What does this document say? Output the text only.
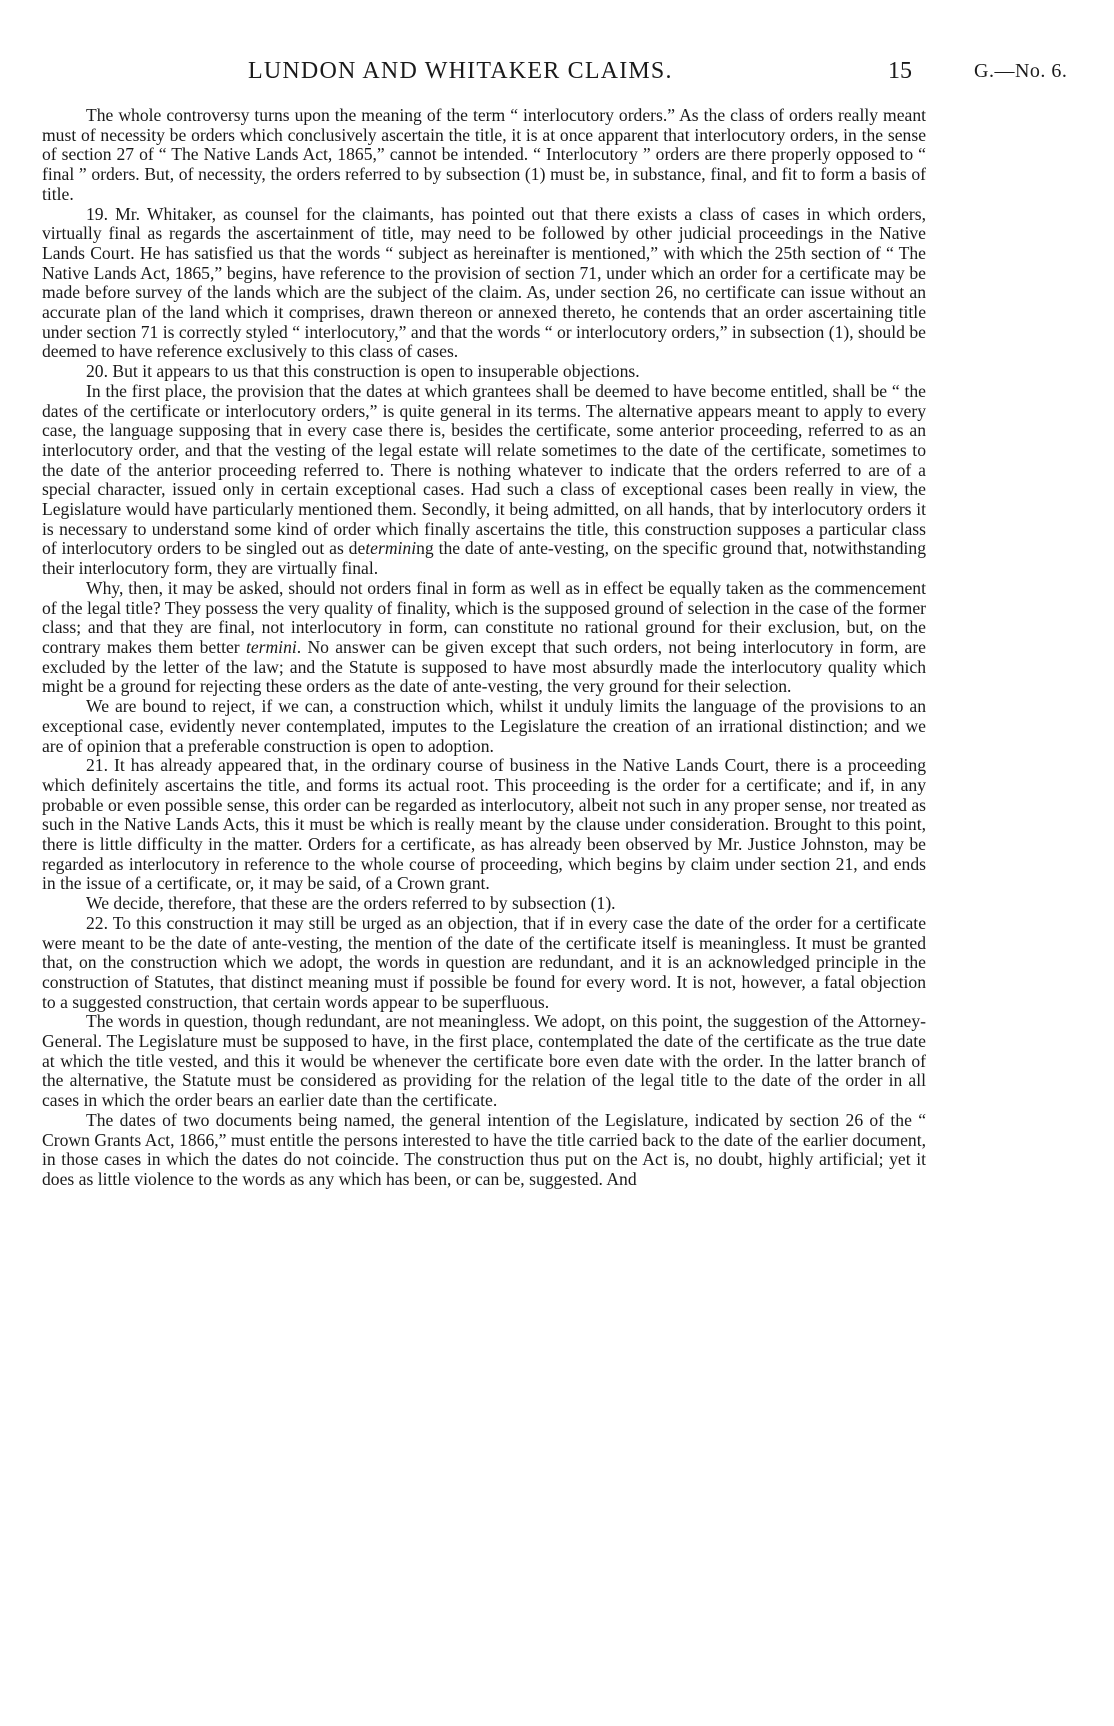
LUNDON AND WHITAKER CLAIMS.	15	G.—No. 6.

The whole controversy turns upon the meaning of the term “ interlocutory orders.” As the class of orders really meant must of necessity be orders which conclusively ascertain the title, it is at once apparent that interlocutory orders, in the sense of section 27 of “ The Native Lands Act, 1865,” cannot be intended. “ Interlocutory ” orders are there properly opposed to “ final ” orders. But, of necessity, the orders referred to by subsection (1) must be, in substance, final, and fit to form a basis of title.

19. Mr. Whitaker, as counsel for the claimants, has pointed out that there exists a class of cases in which orders, virtually final as regards the ascertainment of title, may need to be followed by other judicial proceedings in the Native Lands Court. He has satisfied us that the words “ subject as hereinafter is mentioned,” with which the 25th section of “ The Native Lands Act, 1865,” begins, have reference to the provision of section 71, under which an order for a certificate may be made before survey of the lands which are the subject of the claim. As, under section 26, no certificate can issue without an accurate plan of the land which it comprises, drawn thereon or annexed thereto, he contends that an order ascertaining title under section 71 is correctly styled “ interlocutory,” and that the words “ or interlocutory orders,” in subsection (1), should be deemed to have reference exclusively to this class of cases.

20. But it appears to us that this construction is open to insuperable objections.

In the first place, the provision that the dates at which grantees shall be deemed to have become entitled, shall be “ the dates of the certificate or interlocutory orders,” is quite general in its terms. The alternative appears meant to apply to every case, the language supposing that in every case there is, besides the certificate, some anterior proceeding, referred to as an interlocutory order, and that the vesting of the legal estate will relate sometimes to the date of the certificate, sometimes to the date of the anterior proceeding referred to. There is nothing whatever to indicate that the orders referred to are of a special character, issued only in certain exceptional cases. Had such a class of exceptional cases been really in view, the Legislature would have particularly mentioned them. Secondly, it being admitted, on all hands, that by interlocutory orders it is necessary to understand some kind of order which finally ascertains the title, this construction supposes a particular class of interlocutory orders to be singled out as determining the date of ante-vesting, on the specific ground that, notwithstanding their interlocutory form, they are virtually final.

Why, then, it may be asked, should not orders final in form as well as in effect be equally taken as the commencement of the legal title? They possess the very quality of finality, which is the supposed ground of selection in the case of the former class; and that they are final, not interlocutory in form, can constitute no rational ground for their exclusion, but, on the contrary makes them better termini. No answer can be given except that such orders, not being interlocutory in form, are excluded by the letter of the law; and the Statute is supposed to have most absurdly made the interlocutory quality which might be a ground for rejecting these orders as the date of ante-vesting, the very ground for their selection.

We are bound to reject, if we can, a construction which, whilst it unduly limits the language of the provisions to an exceptional case, evidently never contemplated, imputes to the Legislature the creation of an irrational distinction; and we are of opinion that a preferable construction is open to adoption.

21. It has already appeared that, in the ordinary course of business in the Native Lands Court, there is a proceeding which definitely ascertains the title, and forms its actual root. This proceeding is the order for a certificate; and if, in any probable or even possible sense, this order can be regarded as interlocutory, albeit not such in any proper sense, nor treated as such in the Native Lands Acts, this it must be which is really meant by the clause under consideration. Brought to this point, there is little difficulty in the matter. Orders for a certificate, as has already been observed by Mr. Justice Johnston, may be regarded as interlocutory in reference to the whole course of proceeding, which begins by claim under section 21, and ends in the issue of a certificate, or, it may be said, of a Crown grant.

We decide, therefore, that these are the orders referred to by subsection (1).

22. To this construction it may still be urged as an objection, that if in every case the date of the order for a certificate were meant to be the date of ante-vesting, the mention of the date of the certificate itself is meaningless. It must be granted that, on the construction which we adopt, the words in question are redundant, and it is an acknowledged principle in the construction of Statutes, that distinct meaning must if possible be found for every word. It is not, however, a fatal objection to a suggested construction, that certain words appear to be superfluous.

The words in question, though redundant, are not meaningless. We adopt, on this point, the suggestion of the Attorney-General. The Legislature must be supposed to have, in the first place, contemplated the date of the certificate as the true date at which the title vested, and this it would be whenever the certificate bore even date with the order. In the latter branch of the alternative, the Statute must be considered as providing for the relation of the legal title to the date of the order in all cases in which the order bears an earlier date than the certificate.

The dates of two documents being named, the general intention of the Legislature, indicated by section 26 of the “ Crown Grants Act, 1866,” must entitle the persons interested to have the title carried back to the date of the earlier document, in those cases in which the dates do not coincide. The construction thus put on the Act is, no doubt, highly artificial; yet it does as little violence to the words as any which has been, or can be, suggested. And
